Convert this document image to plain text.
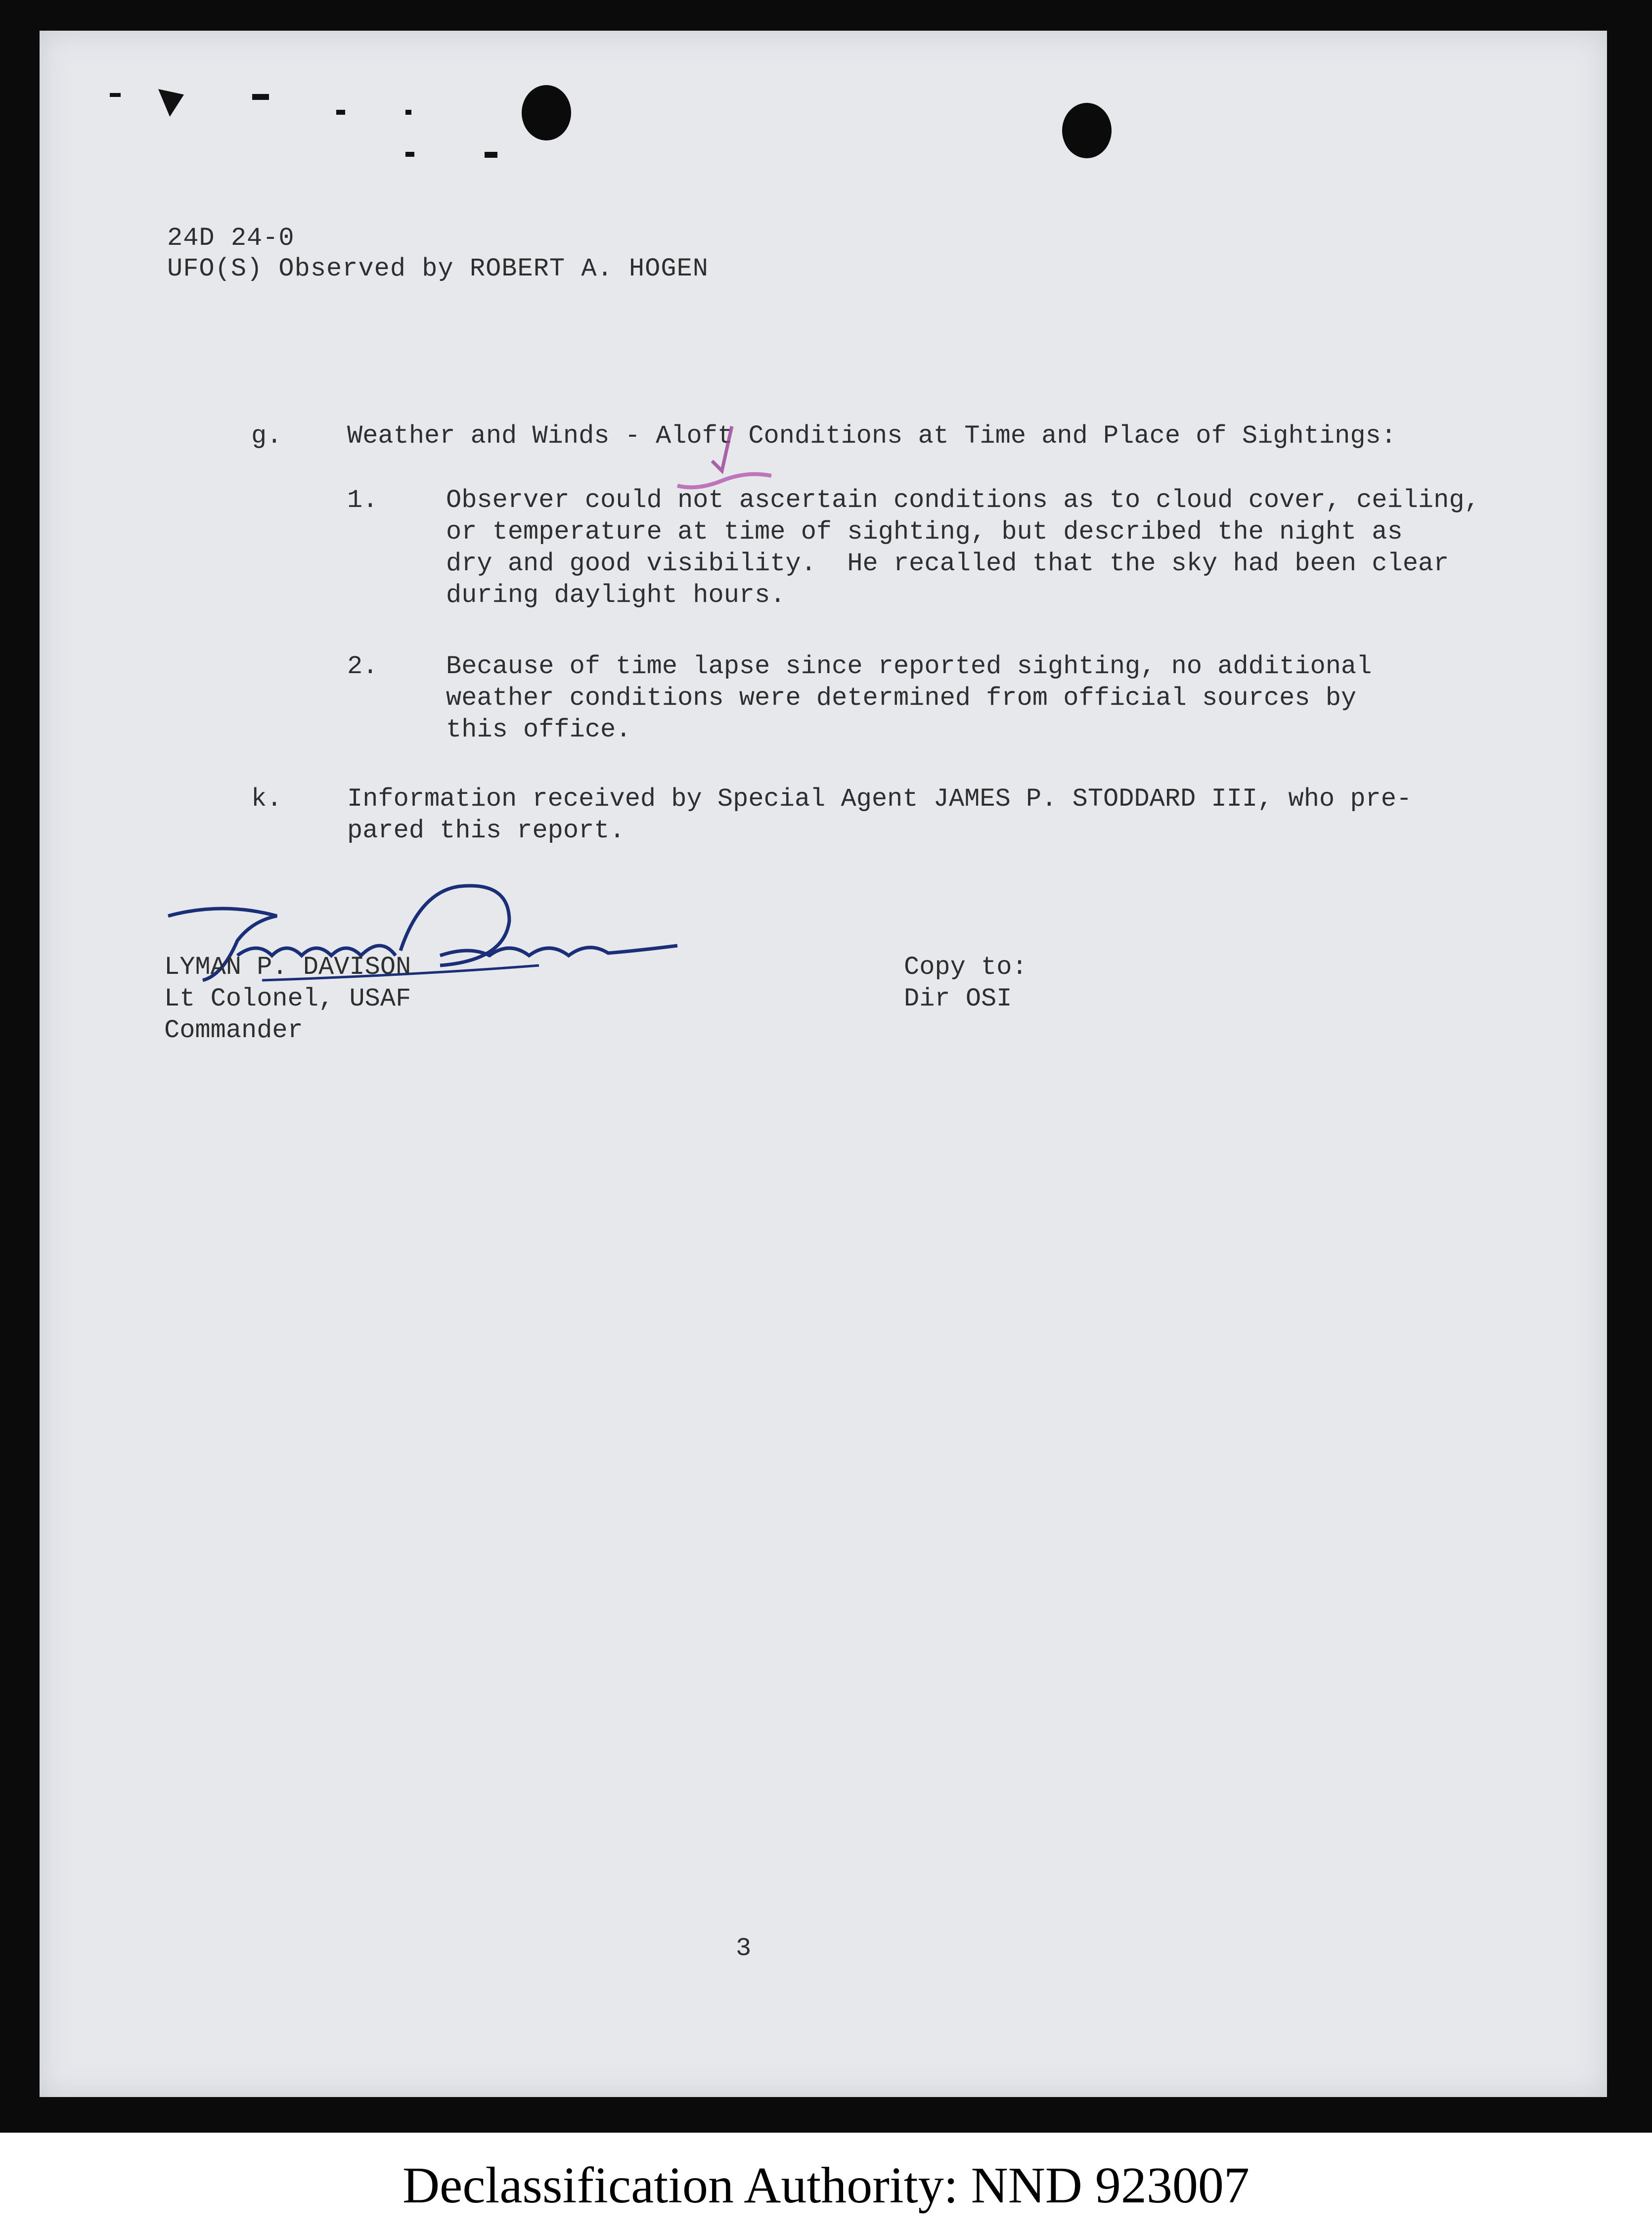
24D 24-0
UFO(S) Observed by ROBERT A. HOGEN
g.	Weather and Winds - Aloft Conditions at Time and Place of Sightings:
1.	Observer could not ascertain conditions as to cloud cover, ceiling,
or temperature at time of sighting, but described the night as
dry and good visibility.  He recalled that the sky had been clear
during daylight hours.
2.	Because of time lapse since reported sighting, no additional
weather conditions were determined from official sources by
this office.
k.	Information received by Special Agent JAMES P. STODDARD III, who pre-
pared this report.
LYMAN P. DAVISON
Lt Colonel, USAF
Commander
Copy to:
Dir OSI
3
Declassification Authority: NND 923007
